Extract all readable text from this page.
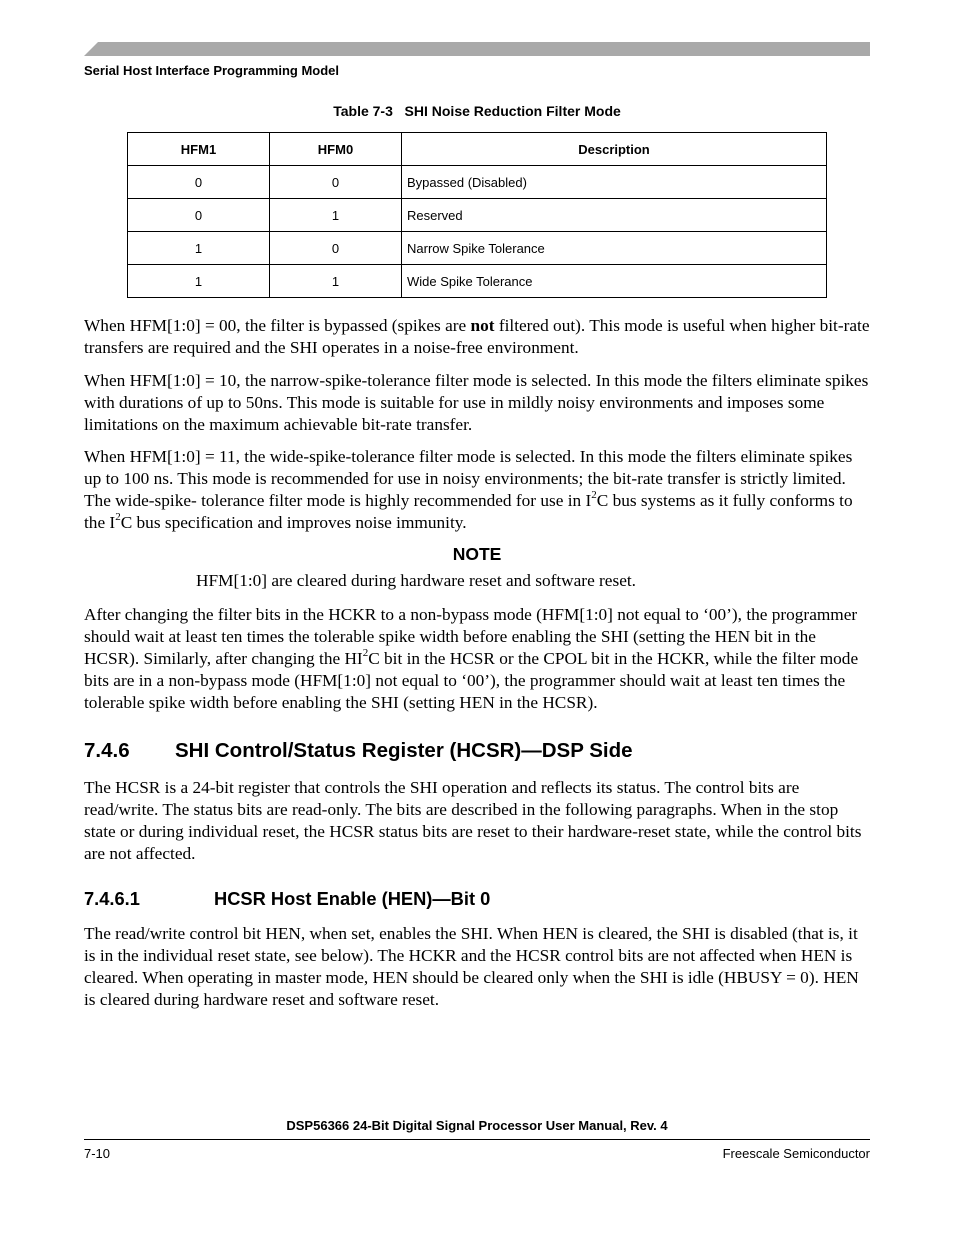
Serial Host Interface Programming Model
Table 7-3   SHI Noise Reduction Filter Mode
HFM1	HFM0	Description
0	0	Bypassed (Disabled)
0	1	Reserved
1	0	Narrow Spike Tolerance
1	1	Wide Spike Tolerance

When HFM[1:0] = 00, the filter is bypassed (spikes are not filtered out). This mode is useful when higher bit-rate transfers are required and the SHI operates in a noise-free environment.

When HFM[1:0] = 10, the narrow-spike-tolerance filter mode is selected. In this mode the filters eliminate spikes with durations of up to 50ns. This mode is suitable for use in mildly noisy environments and imposes some limitations on the maximum achievable bit-rate transfer.

When HFM[1:0] = 11, the wide-spike-tolerance filter mode is selected. In this mode the filters eliminate spikes up to 100 ns. This mode is recommended for use in noisy environments; the bit-rate transfer is strictly limited. The wide-spike- tolerance filter mode is highly recommended for use in $I^2C$ bus systems as it fully conforms to the $I^2C$ bus specification and improves noise immunity.

NOTE
HFM[1:0] are cleared during hardware reset and software reset.

After changing the filter bits in the HCKR to a non-bypass mode (HFM[1:0] not equal to ‘00’), the programmer should wait at least ten times the tolerable spike width before enabling the SHI (setting the HEN bit in the HCSR). Similarly, after changing the $HI^2C$ bit in the HCSR or the CPOL bit in the HCKR, while the filter mode bits are in a non-bypass mode (HFM[1:0] not equal to ‘00’), the programmer should wait at least ten times the tolerable spike width before enabling the SHI (setting HEN in the HCSR).

7.4.6 SHI Control/Status Register (HCSR)—DSP Side

The HCSR is a 24-bit register that controls the SHI operation and reflects its status. The control bits are read/write. The status bits are read-only. The bits are described in the following paragraphs. When in the stop state or during individual reset, the HCSR status bits are reset to their hardware-reset state, while the control bits are not affected.

7.4.6.1	HCSR Host Enable (HEN)—Bit 0

The read/write control bit HEN, when set, enables the SHI. When HEN is cleared, the SHI is disabled (that is, it is in the individual reset state, see below). The HCKR and the HCSR control bits are not affected when HEN is cleared. When operating in master mode, HEN should be cleared only when the SHI is idle (HBUSY = 0). HEN is cleared during hardware reset and software reset.

DSP56366 24-Bit Digital Signal Processor User Manual, Rev. 4
7-10	Freescale Semiconductor
